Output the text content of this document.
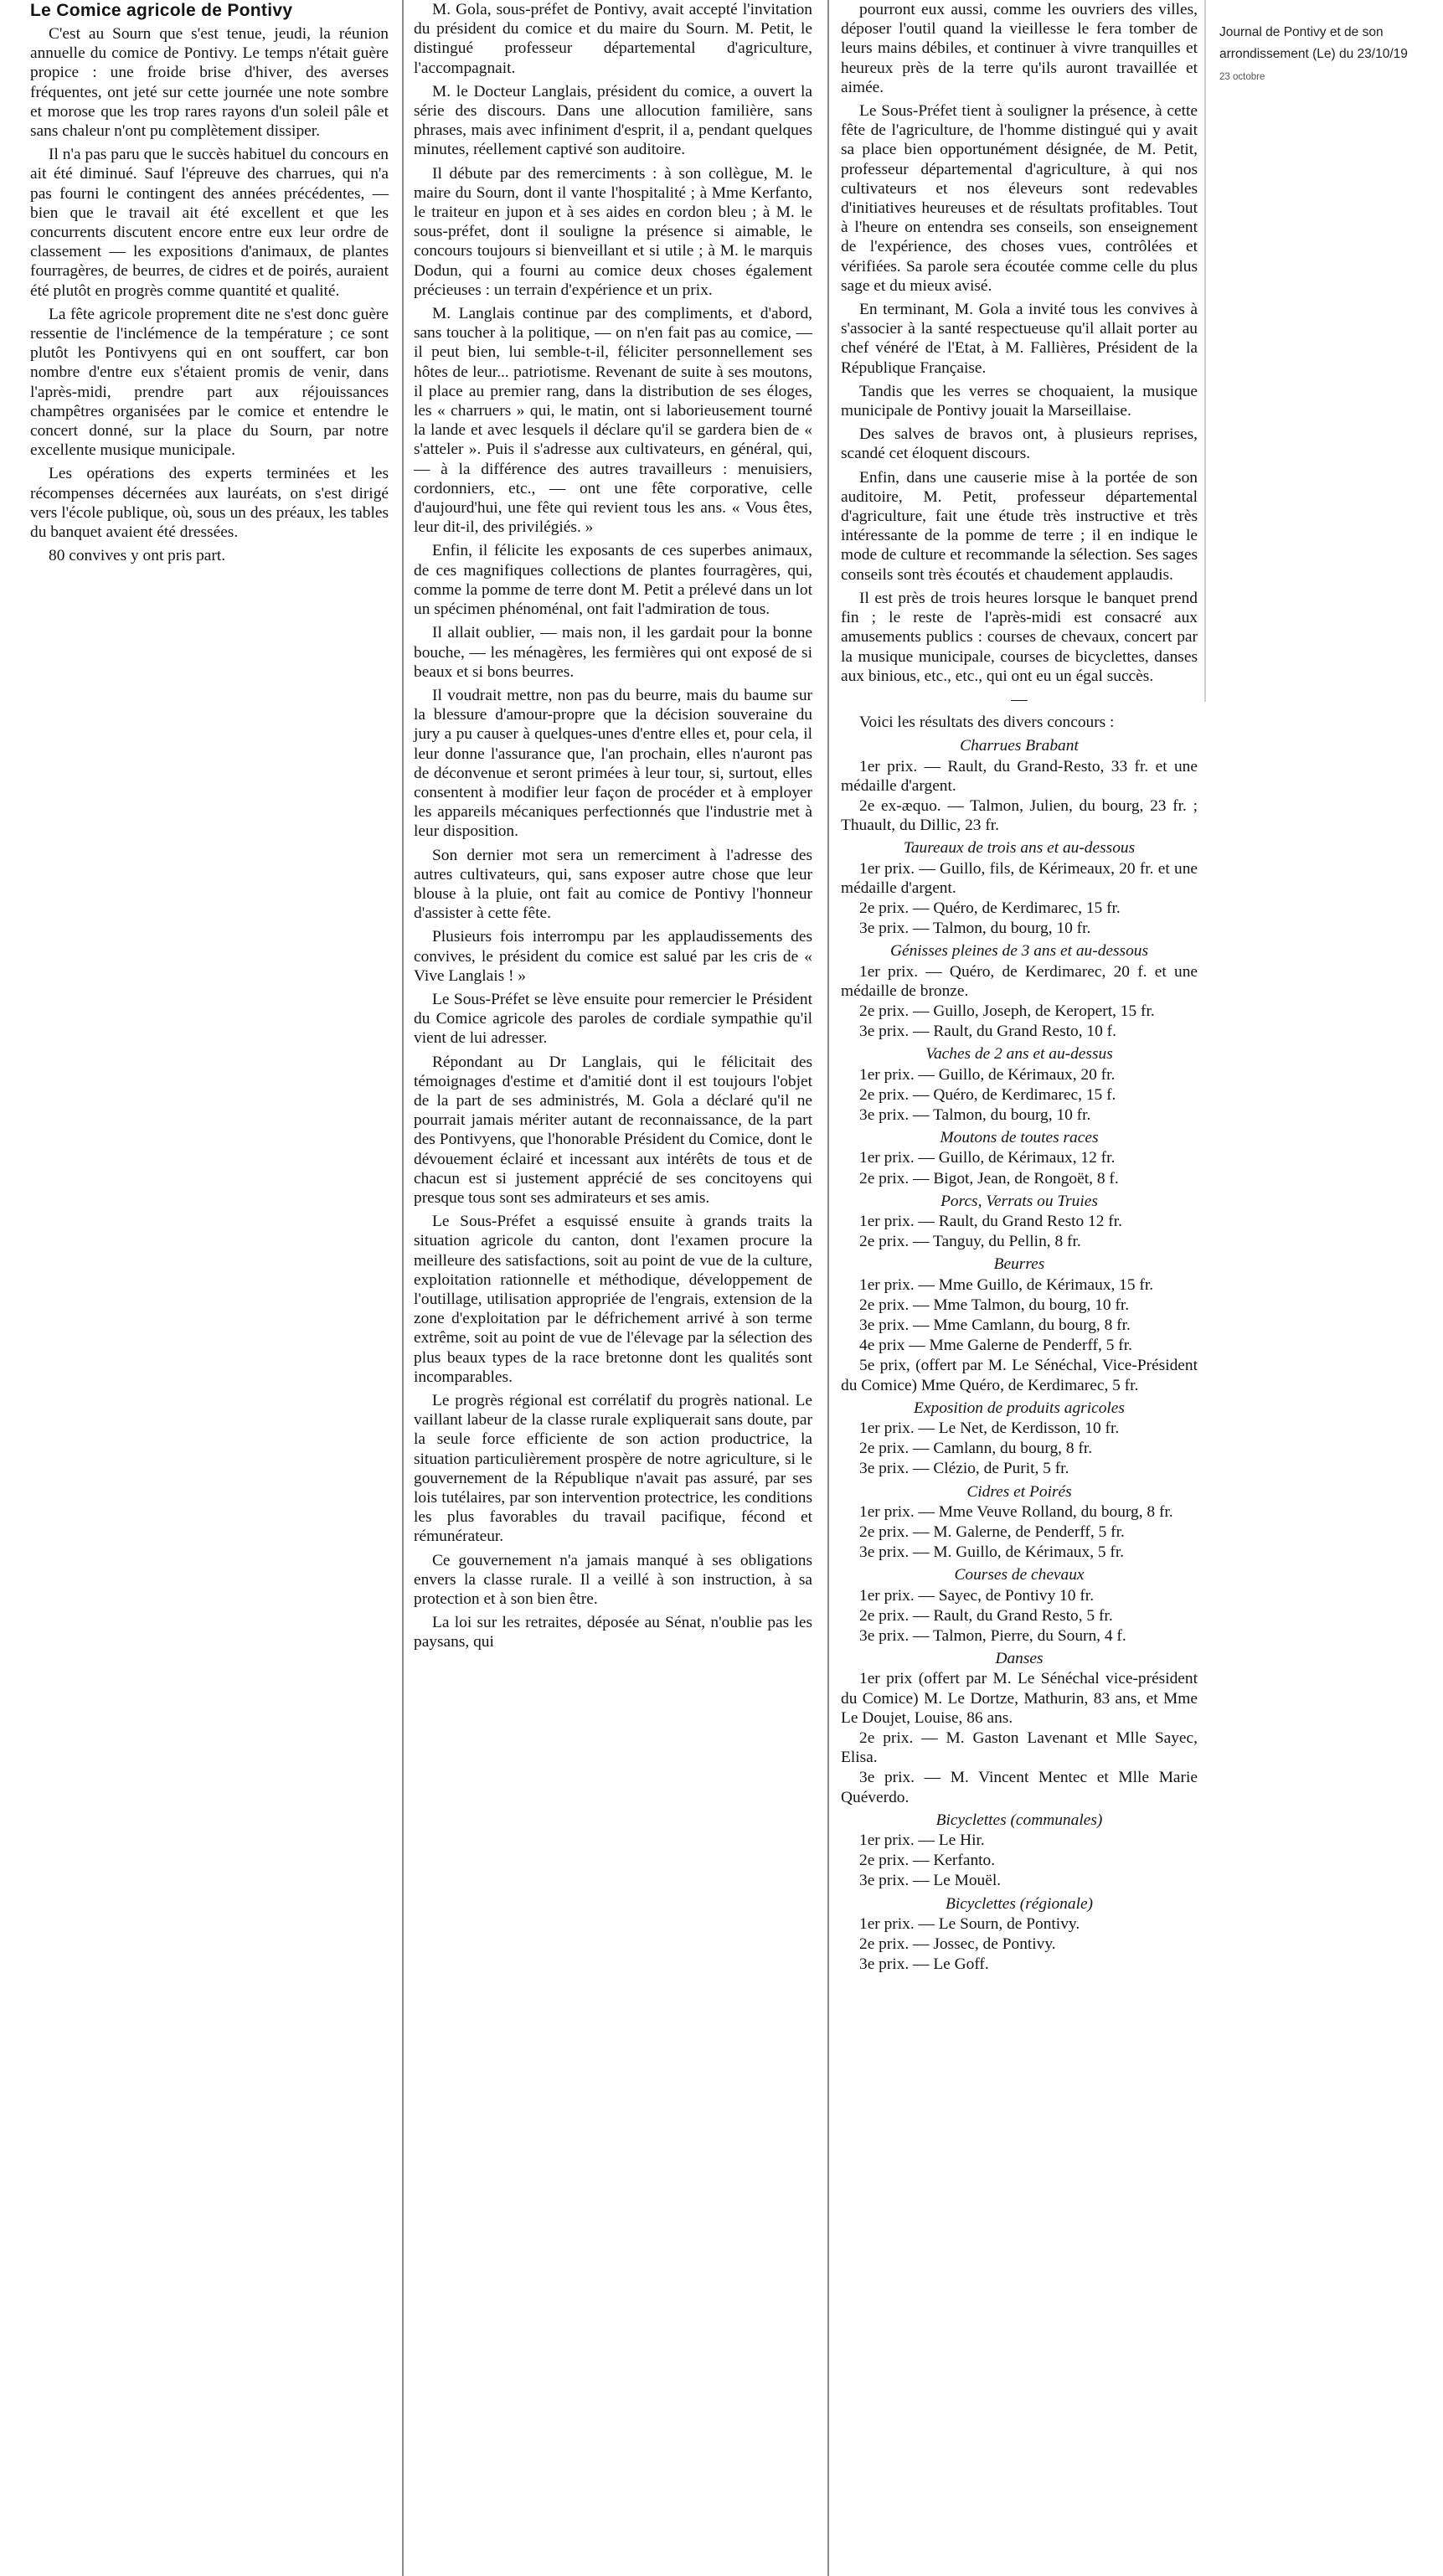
Le Comice agricole de Pontivy

C'est au Sourn que s'est tenue, jeudi, la réunion annuelle du comice de Pontivy. Le temps n'était guère propice : une froide brise d'hiver, des averses fréquentes, ont jeté sur cette journée une note sombre et morose que les trop rares rayons d'un soleil pâle et sans chaleur n'ont pu complètement dissiper.

Il n'a pas paru que le succès habituel du concours en ait été diminué. Sauf l'épreuve des charrues, qui n'a pas fourni le contingent des années précédentes, — bien que le travail ait été excellent et que les concurrents discutent encore entre eux leur ordre de classement — les expositions d'animaux, de plantes fourragères, de beurres, de cidres et de poirés, auraient été plutôt en progrès comme quantité et qualité.

La fête agricole proprement dite ne s'est donc guère ressentie de l'inclémence de la température ; ce sont plutôt les Pontivyens qui en ont souffert, car bon nombre d'entre eux s'étaient promis de venir, dans l'après-midi, prendre part aux réjouissances champêtres organisées par le comice et entendre le concert donné, sur la place du Sourn, par notre excellente musique municipale.

Les opérations des experts terminées et les récompenses décernées aux lauréats, on s'est dirigé vers l'école publique, où, sous un des préaux, les tables du banquet avaient été dressées.

80 convives y ont pris part.

M. Gola, sous-préfet de Pontivy, avait accepté l'invitation du président du comice et du maire du Sourn. M. Petit, le distingué professeur départemental d'agriculture, l'accompagnait.

M. le Docteur Langlais, président du comice, a ouvert la série des discours. Dans une allocution familière, sans phrases, mais avec infiniment d'esprit, il a, pendant quelques minutes, réellement captivé son auditoire.

Il débute par des remerciments : à son collègue, M. le maire du Sourn, dont il vante l'hospitalité ; à Mme Kerfanto, le traiteur en jupon et à ses aides en cordon bleu ; à M. le sous-préfet, dont il souligne la présence si aimable, le concours toujours si bienveillant et si utile ; à M. le marquis Dodun, qui a fourni au comice deux choses également précieuses : un terrain d'expérience et un prix.

M. Langlais continue par des compliments, et d'abord, sans toucher à la politique, — on n'en fait pas au comice, — il peut bien, lui semble-t-il, féliciter personnellement ses hôtes de leur... patriotisme. Revenant de suite à ses moutons, il place au premier rang, dans la distribution de ses éloges, les « charruers » qui, le matin, ont si laborieusement tourné la lande et avec lesquels il déclare qu'il se gardera bien de « s'atteler ». Puis il s'adresse aux cultivateurs, en général, qui, — à la différence des autres travailleurs : menuisiers, cordonniers, etc., — ont une fête corporative, celle d'aujourd'hui, une fête qui revient tous les ans. « Vous êtes, leur dit-il, des privilégiés. »

Enfin, il félicite les exposants de ces superbes animaux, de ces magnifiques collections de plantes fourragères, qui, comme la pomme de terre dont M. Petit a prélevé dans un lot un spécimen phénoménal, ont fait l'admiration de tous.

Il allait oublier, — mais non, il les gardait pour la bonne bouche, — les ménagères, les fermières qui ont exposé de si beaux et si bons beurres.

Il voudrait mettre, non pas du beurre, mais du baume sur la blessure d'amour-propre que la décision souveraine du jury a pu causer à quelques-unes d'entre elles et, pour cela, il leur donne l'assurance que, l'an prochain, elles n'auront pas de déconvenue et seront primées à leur tour, si, surtout, elles consentent à modifier leur façon de procéder et à employer les appareils mécaniques perfectionnés que l'industrie met à leur disposition.

Son dernier mot sera un remerciment à l'adresse des autres cultivateurs, qui, sans exposer autre chose que leur blouse à la pluie, ont fait au comice de Pontivy l'honneur d'assister à cette fête.

Plusieurs fois interrompu par les applaudissements des convives, le président du comice est salué par les cris de « Vive Langlais ! »

Le Sous-Préfet se lève ensuite pour remercier le Président du Comice agricole des paroles de cordiale sympathie qu'il vient de lui adresser.

Répondant au Dr Langlais, qui le félicitait des témoignages d'estime et d'amitié dont il est toujours l'objet de la part de ses administrés, M. Gola a déclaré qu'il ne pourrait jamais mériter autant de reconnaissance, de la part des Pontivyens, que l'honorable Président du Comice, dont le dévouement éclairé et incessant aux intérêts de tous et de chacun est si justement apprécié de ses concitoyens qui presque tous sont ses admirateurs et ses amis.

Le Sous-Préfet a esquissé ensuite à grands traits la situation agricole du canton, dont l'examen procure la meilleure des satisfactions, soit au point de vue de la culture, exploitation rationnelle et méthodique, développement de l'outillage, utilisation appropriée de l'engrais, extension de la zone d'exploitation par le défrichement arrivé à son terme extrême, soit au point de vue de l'élevage par la sélection des plus beaux types de la race bretonne dont les qualités sont incomparables.

Le progrès régional est corrélatif du progrès national. Le vaillant labeur de la classe rurale expliquerait sans doute, par la seule force efficiente de son action productrice, la situation particulièrement prospère de notre agriculture, si le gouvernement de la République n'avait pas assuré, par ses lois tutélaires, par son intervention protectrice, les conditions les plus favorables du travail pacifique, fécond et rémunérateur.

Ce gouvernement n'a jamais manqué à ses obligations envers la classe rurale. Il a veillé à son instruction, à sa protection et à son bien être.

La loi sur les retraites, déposée au Sénat, n'oublie pas les paysans, qui

pourront eux aussi, comme les ouvriers des villes, déposer l'outil quand la vieillesse le fera tomber de leurs mains débiles, et continuer à vivre tranquilles et heureux près de la terre qu'ils auront travaillée et aimée.

Le Sous-Préfet tient à souligner la présence, à cette fête de l'agriculture, de l'homme distingué qui y avait sa place bien opportunément désignée, de M. Petit, professeur départemental d'agriculture, à qui nos cultivateurs et nos éleveurs sont redevables d'initiatives heureuses et de résultats profitables. Tout à l'heure on entendra ses conseils, son enseignement de l'expérience, des choses vues, contrôlées et vérifiées. Sa parole sera écoutée comme celle du plus sage et du mieux avisé.

En terminant, M. Gola a invité tous les convives à s'associer à la santé respectueuse qu'il allait porter au chef vénéré de l'Etat, à M. Fallières, Président de la République Française.

Tandis que les verres se choquaient, la musique municipale de Pontivy jouait la Marseillaise.

Des salves de bravos ont, à plusieurs reprises, scandé cet éloquent discours.

Enfin, dans une causerie mise à la portée de son auditoire, M. Petit, professeur départemental d'agriculture, fait une étude très instructive et très intéressante de la pomme de terre ; il en indique le mode de culture et recommande la sélection. Ses sages conseils sont très écoutés et chaudement applaudis.

Il est près de trois heures lorsque le banquet prend fin ; le reste de l'après-midi est consacré aux amusements publics : courses de chevaux, concert par la musique municipale, courses de bicyclettes, danses aux binious, etc., etc., qui ont eu un égal succès.

—

Voici les résultats des divers concours :

Charrues Brabant
1er prix. — Rault, du Grand-Resto, 33 fr. et une médaille d'argent.
2e ex-æquo. — Talmon, Julien, du bourg, 23 fr. ; Thuault, du Dillic, 23 fr.
Taureaux de trois ans et au-dessous
1er prix. — Guillo, fils, de Kérimeaux, 20 fr. et une médaille d'argent.
2e prix. — Quéro, de Kerdimarec, 15 fr.
3e prix. — Talmon, du bourg, 10 fr.
Génisses pleines de 3 ans et au-dessous
1er prix. — Quéro, de Kerdimarec, 20 f. et une médaille de bronze.
2e prix. — Guillo, Joseph, de Keropert, 15 fr.
3e prix. — Rault, du Grand Resto, 10 f.
Vaches de 2 ans et au-dessus
1er prix. — Guillo, de Kérimaux, 20 fr.
2e prix. — Quéro, de Kerdimarec, 15 f.
3e prix. — Talmon, du bourg, 10 fr.
Moutons de toutes races
1er prix. — Guillo, de Kérimaux, 12 fr.
2e prix. — Bigot, Jean, de Rongoët, 8 f.
Porcs, Verrats ou Truies
1er prix. — Rault, du Grand Resto 12 fr.
2e prix. — Tanguy, du Pellin, 8 fr.
Beurres
1er prix. — Mme Guillo, de Kérimaux, 15 fr.
2e prix. — Mme Talmon, du bourg, 10 fr.
3e prix. — Mme Camlann, du bourg, 8 fr.
4e prix — Mme Galerne de Penderff, 5 fr.
5e prix, (offert par M. Le Sénéchal, Vice-Président du Comice) Mme Quéro, de Kerdimarec, 5 fr.
Exposition de produits agricoles
1er prix. — Le Net, de Kerdisson, 10 fr.
2e prix. — Camlann, du bourg, 8 fr.
3e prix. — Clézio, de Purit, 5 fr.
Cidres et Poirés
1er prix. — Mme Veuve Rolland, du bourg, 8 fr.
2e prix. — M. Galerne, de Penderff, 5 fr.
3e prix. — M. Guillo, de Kérimaux, 5 fr.
Courses de chevaux
1er prix. — Sayec, de Pontivy 10 fr.
2e prix. — Rault, du Grand Resto, 5 fr.
3e prix. — Talmon, Pierre, du Sourn, 4 f.
Danses
1er prix (offert par M. Le Sénéchal vice-président du Comice) M. Le Dortze, Mathurin, 83 ans, et Mme Le Doujet, Louise, 86 ans.
2e prix. — M. Gaston Lavenant et Mlle Sayec, Elisa.
3e prix. — M. Vincent Mentec et Mlle Marie Quéverdo.
Bicyclettes (communales)
1er prix. — Le Hir.
2e prix. — Kerfanto.
3e prix. — Le Mouël.
Bicyclettes (régionale)
1er prix. — Le Sourn, de Pontivy.
2e prix. — Jossec, de Pontivy.
3e prix. — Le Goff.
Journal de Pontivy et de son arrondissement (Le) du 23/10/19
23 octobre
